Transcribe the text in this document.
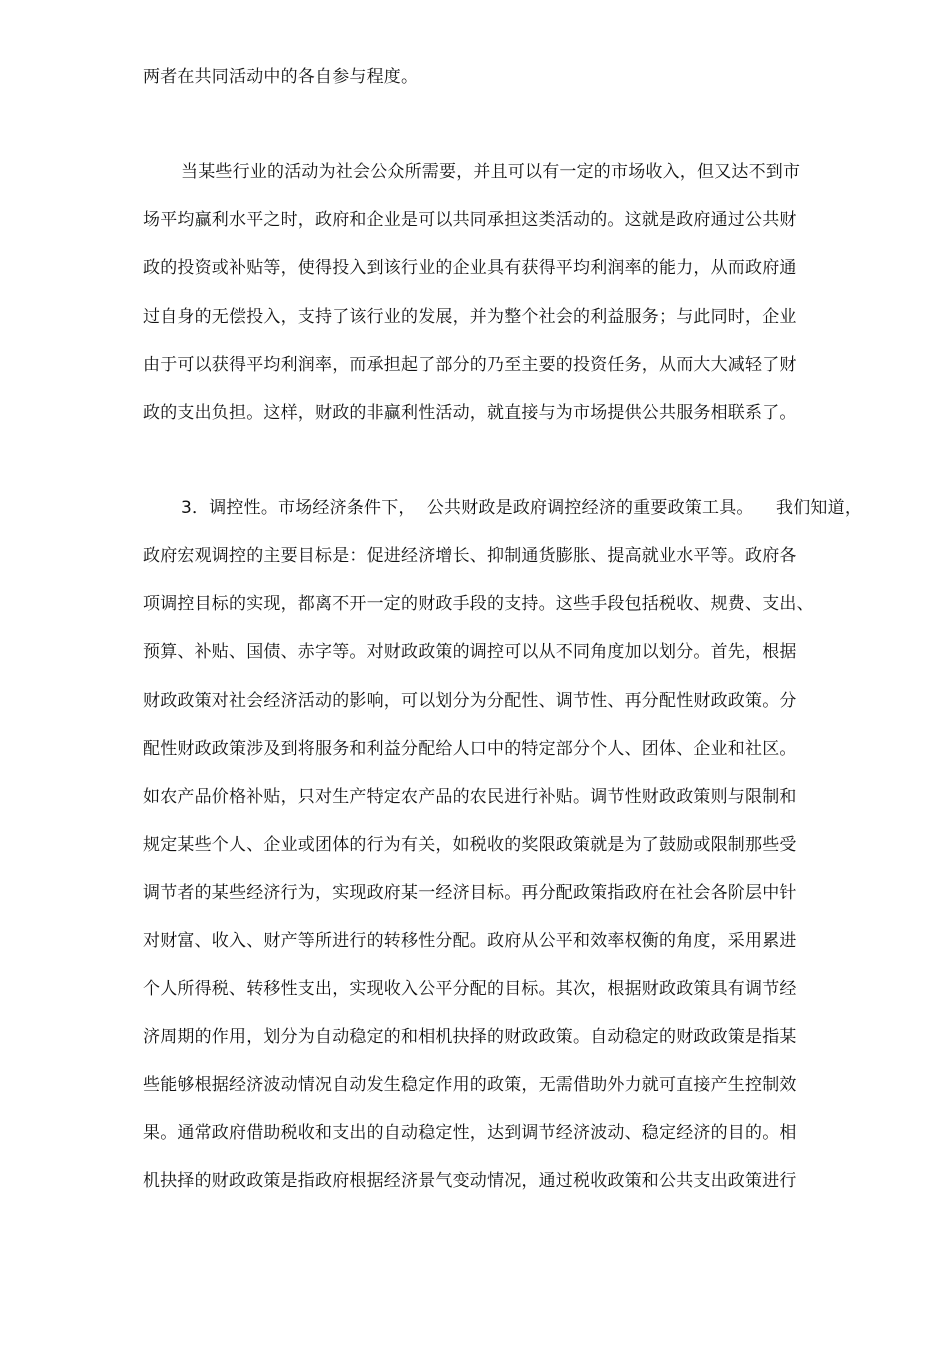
两者在共同活动中的各自参与程度。
当某些行业的活动为社会公众所需要，并且可以有一定的市场收入，但又达不到市
场平均赢利水平之时，政府和企业是可以共同承担这类活动的。这就是政府通过公共财
政的投资或补贴等，使得投入到该行业的企业具有获得平均利润率的能力，从而政府通
过自身的无偿投入，支持了该行业的发展，并为整个社会的利益服务；与此同时，企业
由于可以获得平均利润率，而承担起了部分的乃至主要的投资任务，从而大大减轻了财
政的支出负担。这样，财政的非赢利性活动，就直接与为市场提供公共服务相联系了。
3．调控性。市场经济条件下，  公共财政是政府调控经济的重要政策工具。    我们知道，
政府宏观调控的主要目标是：促进经济增长、抑制通货膨胀、提高就业水平等。政府各
项调控目标的实现，都离不开一定的财政手段的支持。这些手段包括税收、规费、支出、
预算、补贴、国债、赤字等。对财政政策的调控可以从不同角度加以划分。首先，根据
财政政策对社会经济活动的影响，可以划分为分配性、调节性、再分配性财政政策。分
配性财政政策涉及到将服务和利益分配给人口中的特定部分个人、团体、企业和社区。
如农产品价格补贴，只对生产特定农产品的农民进行补贴。调节性财政政策则与限制和
规定某些个人、企业或团体的行为有关，如税收的奖限政策就是为了鼓励或限制那些受
调节者的某些经济行为，实现政府某一经济目标。再分配政策指政府在社会各阶层中针
对财富、收入、财产等所进行的转移性分配。政府从公平和效率权衡的角度，采用累进
个人所得税、转移性支出，实现收入公平分配的目标。其次，根据财政政策具有调节经
济周期的作用，划分为自动稳定的和相机抉择的财政政策。自动稳定的财政政策是指某
些能够根据经济波动情况自动发生稳定作用的政策，无需借助外力就可直接产生控制效
果。通常政府借助税收和支出的自动稳定性，达到调节经济波动、稳定经济的目的。相
机抉择的财政政策是指政府根据经济景气变动情况，通过税收政策和公共支出政策进行
